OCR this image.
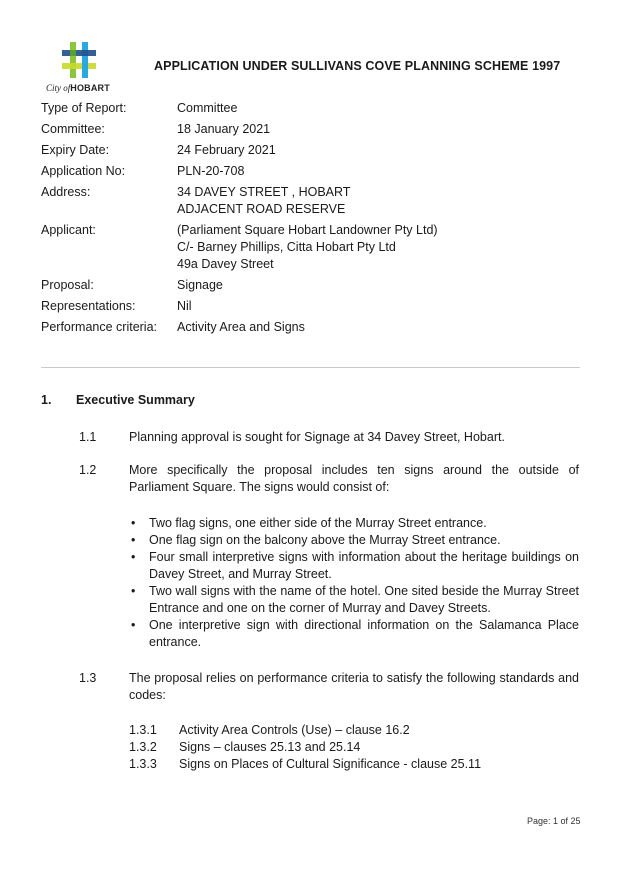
City ofHOBART
APPLICATION UNDER SULLIVANS COVE PLANNING SCHEME 1997
Type of Report:	Committee
Committee:	18 January 2021
Expiry Date:	24 February 2021
Application No:	PLN-20-708
Address:	34 DAVEY STREET , HOBART
ADJACENT ROAD RESERVE
Applicant:	(Parliament Square Hobart Landowner Pty Ltd)
C/- Barney Phillips, Citta Hobart Pty Ltd
49a Davey Street
Proposal:	Signage
Representations:	Nil
Performance criteria:	Activity Area and Signs
1. Executive Summary
1.1	Planning approval is sought for Signage at 34 Davey Street, Hobart.
1.2	More specifically the proposal includes ten signs around the outside of Parliament Square. The signs would consist of:
• Two flag signs, one either side of the Murray Street entrance.
• One flag sign on the balcony above the Murray Street entrance.
• Four small interpretive signs with information about the heritage buildings on Davey Street, and Murray Street.
• Two wall signs with the name of the hotel. One sited beside the Murray Street Entrance and one on the corner of Murray and Davey Streets.
• One interpretive sign with directional information on the Salamanca Place entrance.
1.3	The proposal relies on performance criteria to satisfy the following standards and codes:
1.3.1	Activity Area Controls (Use) – clause 16.2
1.3.2	Signs – clauses 25.13 and 25.14
1.3.3	Signs on Places of Cultural Significance - clause 25.11
Page: 1 of 25
